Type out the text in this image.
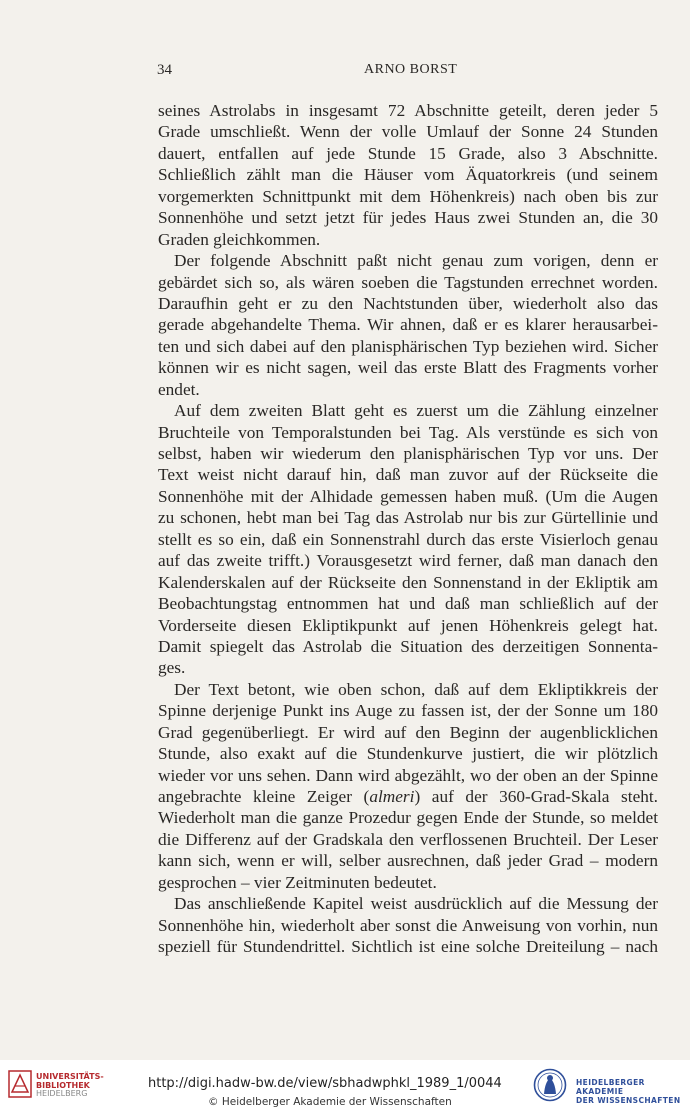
34	ARNO BORST
seines Astrolabs in insgesamt 72 Abschnitte geteilt, deren jeder 5
Grade umschließt. Wenn der volle Umlauf der Sonne 24 Stunden
dauert, entfallen auf jede Stunde 15 Grade, also 3 Abschnitte.
Schließlich zählt man die Häuser vom Äquatorkreis (und seinem
vorgemerkten Schnittpunkt mit dem Höhenkreis) nach oben bis zur
Sonnenhöhe und setzt jetzt für jedes Haus zwei Stunden an, die 30
Graden gleichkommen.
Der folgende Abschnitt paßt nicht genau zum vorigen, denn er
gebärdet sich so, als wären soeben die Tagstunden errechnet worden.
Daraufhin geht er zu den Nachtstunden über, wiederholt also das
gerade abgehandelte Thema. Wir ahnen, daß er es klarer herausarbei-
ten und sich dabei auf den planisphärischen Typ beziehen wird. Sicher
können wir es nicht sagen, weil das erste Blatt des Fragments vorher
endet.
Auf dem zweiten Blatt geht es zuerst um die Zählung einzelner
Bruchteile von Temporalstunden bei Tag. Als verstünde es sich von
selbst, haben wir wiederum den planisphärischen Typ vor uns. Der
Text weist nicht darauf hin, daß man zuvor auf der Rückseite die
Sonnenhöhe mit der Alhidade gemessen haben muß. (Um die Augen
zu schonen, hebt man bei Tag das Astrolab nur bis zur Gürtellinie und
stellt es so ein, daß ein Sonnenstrahl durch das erste Visierloch genau
auf das zweite trifft.) Vorausgesetzt wird ferner, daß man danach den
Kalenderskalen auf der Rückseite den Sonnenstand in der Ekliptik am
Beobachtungstag entnommen hat und daß man schließlich auf der
Vorderseite diesen Ekliptikpunkt auf jenen Höhenkreis gelegt hat.
Damit spiegelt das Astrolab die Situation des derzeitigen Sonnenta-
ges.
Der Text betont, wie oben schon, daß auf dem Ekliptikkreis der
Spinne derjenige Punkt ins Auge zu fassen ist, der der Sonne um 180
Grad gegenüberliegt. Er wird auf den Beginn der augenblicklichen
Stunde, also exakt auf die Stundenkurve justiert, die wir plötzlich
wieder vor uns sehen. Dann wird abgezählt, wo der oben an der Spinne
angebrachte kleine Zeiger (almeri) auf der 360-Grad-Skala steht.
Wiederholt man die ganze Prozedur gegen Ende der Stunde, so meldet
die Differenz auf der Gradskala den verflossenen Bruchteil. Der Leser
kann sich, wenn er will, selber ausrechnen, daß jeder Grad – modern
gesprochen – vier Zeitminuten bedeutet.
Das anschließende Kapitel weist ausdrücklich auf die Messung der
Sonnenhöhe hin, wiederholt aber sonst die Anweisung von vorhin, nun
speziell für Stundendrittel. Sichtlich ist eine solche Dreiteilung – nach
UNIVERSITÄTS-
BIBLIOTHEK
HEIDELBERG
http://digi.hadw-bw.de/view/sbhadwphkl_1989_1/0044
© Heidelberger Akademie der Wissenschaften
HEIDELBERGER AKADEMIE
DER WISSENSCHAFTEN
